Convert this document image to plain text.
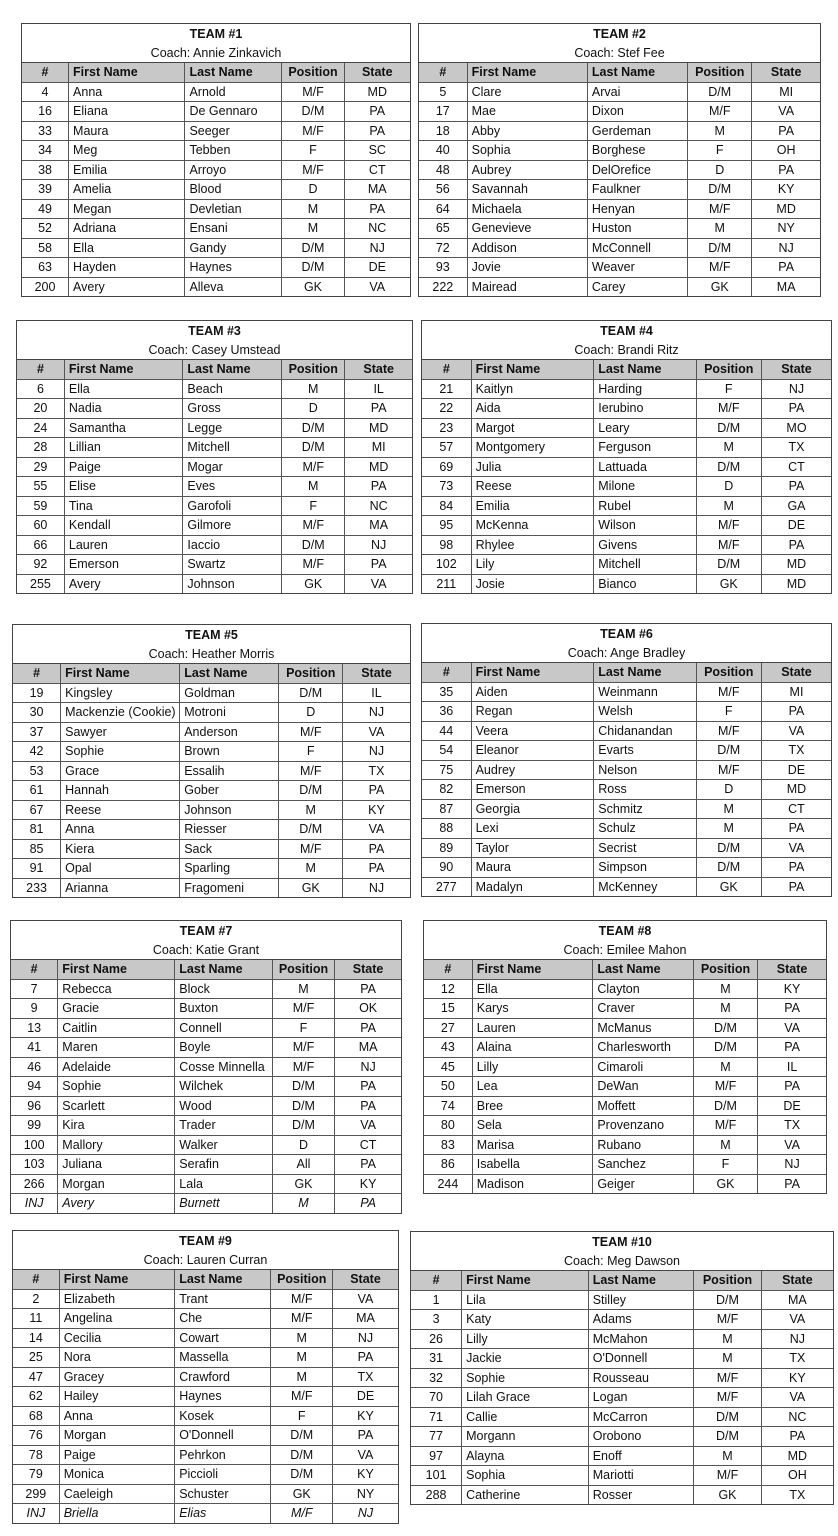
TEAM #1
Coach: Annie Zinkavich
#	First Name	Last Name	Position	State
4	Anna	Arnold	M/F	MD
16	Eliana	De Gennaro	D/M	PA
33	Maura	Seeger	M/F	PA
34	Meg	Tebben	F	SC
38	Emilia	Arroyo	M/F	CT
39	Amelia	Blood	D	MA
49	Megan	Devletian	M	PA
52	Adriana	Ensani	M	NC
58	Ella	Gandy	D/M	NJ
63	Hayden	Haynes	D/M	DE
200	Avery	Alleva	GK	VA
TEAM #2
Coach: Stef Fee
#	First Name	Last Name	Position	State
5	Clare	Arvai	D/M	MI
17	Mae	Dixon	M/F	VA
18	Abby	Gerdeman	M	PA
40	Sophia	Borghese	F	OH
48	Aubrey	DelOrefice	D	PA
56	Savannah	Faulkner	D/M	KY
64	Michaela	Henyan	M/F	MD
65	Genevieve	Huston	M	NY
72	Addison	McConnell	D/M	NJ
93	Jovie	Weaver	M/F	PA
222	Mairead	Carey	GK	MA
TEAM #3
Coach: Casey Umstead
#	First Name	Last Name	Position	State
6	Ella	Beach	M	IL
20	Nadia	Gross	D	PA
24	Samantha	Legge	D/M	MD
28	Lillian	Mitchell	D/M	MI
29	Paige	Mogar	M/F	MD
55	Elise	Eves	M	PA
59	Tina	Garofoli	F	NC
60	Kendall	Gilmore	M/F	MA
66	Lauren	Iaccio	D/M	NJ
92	Emerson	Swartz	M/F	PA
255	Avery	Johnson	GK	VA
TEAM #4
Coach: Brandi Ritz
#	First Name	Last Name	Position	State
21	Kaitlyn	Harding	F	NJ
22	Aida	Ierubino	M/F	PA
23	Margot	Leary	D/M	MO
57	Montgomery	Ferguson	M	TX
69	Julia	Lattuada	D/M	CT
73	Reese	Milone	D	PA
84	Emilia	Rubel	M	GA
95	McKenna	Wilson	M/F	DE
98	Rhylee	Givens	M/F	PA
102	Lily	Mitchell	D/M	MD
211	Josie	Bianco	GK	MD
TEAM #5
Coach: Heather Morris
#	First Name	Last Name	Position	State
19	Kingsley	Goldman	D/M	IL
30	Mackenzie (Cookie)	Motroni	D	NJ
37	Sawyer	Anderson	M/F	VA
42	Sophie	Brown	F	NJ
53	Grace	Essalih	M/F	TX
61	Hannah	Gober	D/M	PA
67	Reese	Johnson	M	KY
81	Anna	Riesser	D/M	VA
85	Kiera	Sack	M/F	PA
91	Opal	Sparling	M	PA
233	Arianna	Fragomeni	GK	NJ
TEAM #6
Coach: Ange Bradley
#	First Name	Last Name	Position	State
35	Aiden	Weinmann	M/F	MI
36	Regan	Welsh	F	PA
44	Veera	Chidanandan	M/F	VA
54	Eleanor	Evarts	D/M	TX
75	Audrey	Nelson	M/F	DE
82	Emerson	Ross	D	MD
87	Georgia	Schmitz	M	CT
88	Lexi	Schulz	M	PA
89	Taylor	Secrist	D/M	VA
90	Maura	Simpson	D/M	PA
277	Madalyn	McKenney	GK	PA
TEAM #7
Coach: Katie Grant
#	First Name	Last Name	Position	State
7	Rebecca	Block	M	PA
9	Gracie	Buxton	M/F	OK
13	Caitlin	Connell	F	PA
41	Maren	Boyle	M/F	MA
46	Adelaide	Cosse Minnella	M/F	NJ
94	Sophie	Wilchek	D/M	PA
96	Scarlett	Wood	D/M	PA
99	Kira	Trader	D/M	VA
100	Mallory	Walker	D	CT
103	Juliana	Serafin	All	PA
266	Morgan	Lala	GK	KY
INJ	Avery	Burnett	M	PA
TEAM #8
Coach: Emilee Mahon
#	First Name	Last Name	Position	State
12	Ella	Clayton	M	KY
15	Karys	Craver	M	PA
27	Lauren	McManus	D/M	VA
43	Alaina	Charlesworth	D/M	PA
45	Lilly	Cimaroli	M	IL
50	Lea	DeWan	M/F	PA
74	Bree	Moffett	D/M	DE
80	Sela	Provenzano	M/F	TX
83	Marisa	Rubano	M	VA
86	Isabella	Sanchez	F	NJ
244	Madison	Geiger	GK	PA
TEAM #9
Coach: Lauren Curran
#	First Name	Last Name	Position	State
2	Elizabeth	Trant	M/F	VA
11	Angelina	Che	M/F	MA
14	Cecilia	Cowart	M	NJ
25	Nora	Massella	M	PA
47	Gracey	Crawford	M	TX
62	Hailey	Haynes	M/F	DE
68	Anna	Kosek	F	KY
76	Morgan	O'Donnell	D/M	PA
78	Paige	Pehrkon	D/M	VA
79	Monica	Piccioli	D/M	KY
299	Caeleigh	Schuster	GK	NY
INJ	Briella	Elias	M/F	NJ
TEAM #10
Coach: Meg Dawson
#	First Name	Last Name	Position	State
1	Lila	Stilley	D/M	MA
3	Katy	Adams	M/F	VA
26	Lilly	McMahon	M	NJ
31	Jackie	O'Donnell	M	TX
32	Sophie	Rousseau	M/F	KY
70	Lilah Grace	Logan	M/F	VA
71	Callie	McCarron	D/M	NC
77	Morgann	Orobono	D/M	PA
97	Alayna	Enoff	M	MD
101	Sophia	Mariotti	M/F	OH
288	Catherine	Rosser	GK	TX
